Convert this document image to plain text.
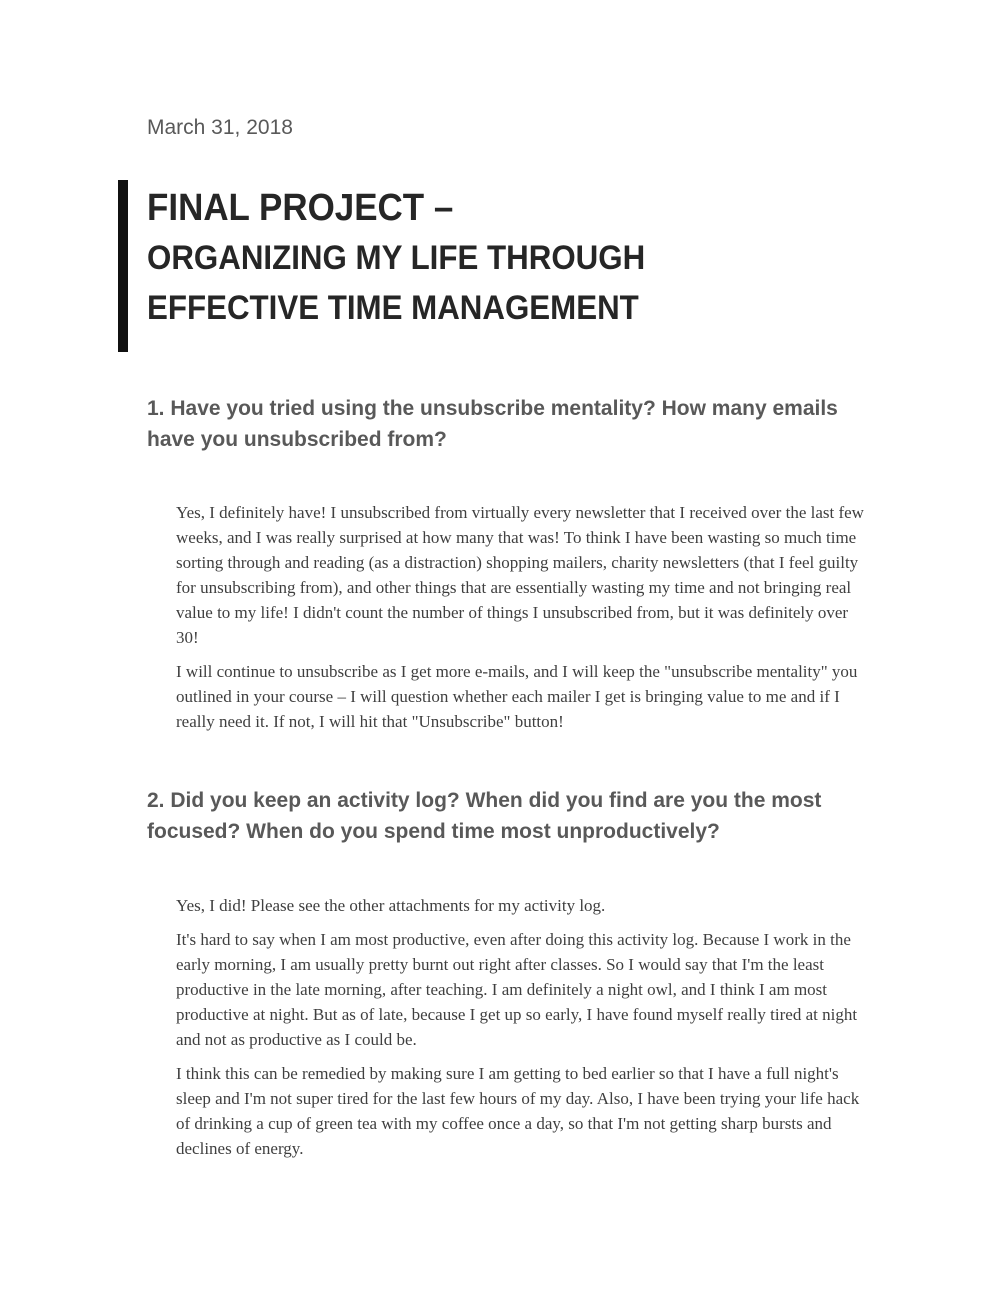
March 31, 2018
FINAL PROJECT –
ORGANIZING MY LIFE THROUGH
EFFECTIVE TIME MANAGEMENT
1. Have you tried using the unsubscribe mentality? How many emails have you unsubscribed from?

Yes, I definitely have! I unsubscribed from virtually every newsletter that I received over the last few weeks, and I was really surprised at how many that was! To think I have been wasting so much time sorting through and reading (as a distraction) shopping mailers, charity newsletters (that I feel guilty for unsubscribing from), and other things that are essentially wasting my time and not bringing real value to my life! I didn't count the number of things I unsubscribed from, but it was definitely over 30!

I will continue to unsubscribe as I get more e-mails, and I will keep the "unsubscribe mentality" you outlined in your course – I will question whether each mailer I get is bringing value to me and if I really need it. If not, I will hit that "Unsubscribe" button!

2. Did you keep an activity log? When did you find are you the most focused? When do you spend time most unproductively?

Yes, I did! Please see the other attachments for my activity log.

It's hard to say when I am most productive, even after doing this activity log. Because I work in the early morning, I am usually pretty burnt out right after classes. So I would say that I'm the least productive in the late morning, after teaching. I am definitely a night owl, and I think I am most productive at night. But as of late, because I get up so early, I have found myself really tired at night and not as productive as I could be.

I think this can be remedied by making sure I am getting to bed earlier so that I have a full night's sleep and I'm not super tired for the last few hours of my day. Also, I have been trying your life hack of drinking a cup of green tea with my coffee once a day, so that I'm not getting sharp bursts and declines of energy.
